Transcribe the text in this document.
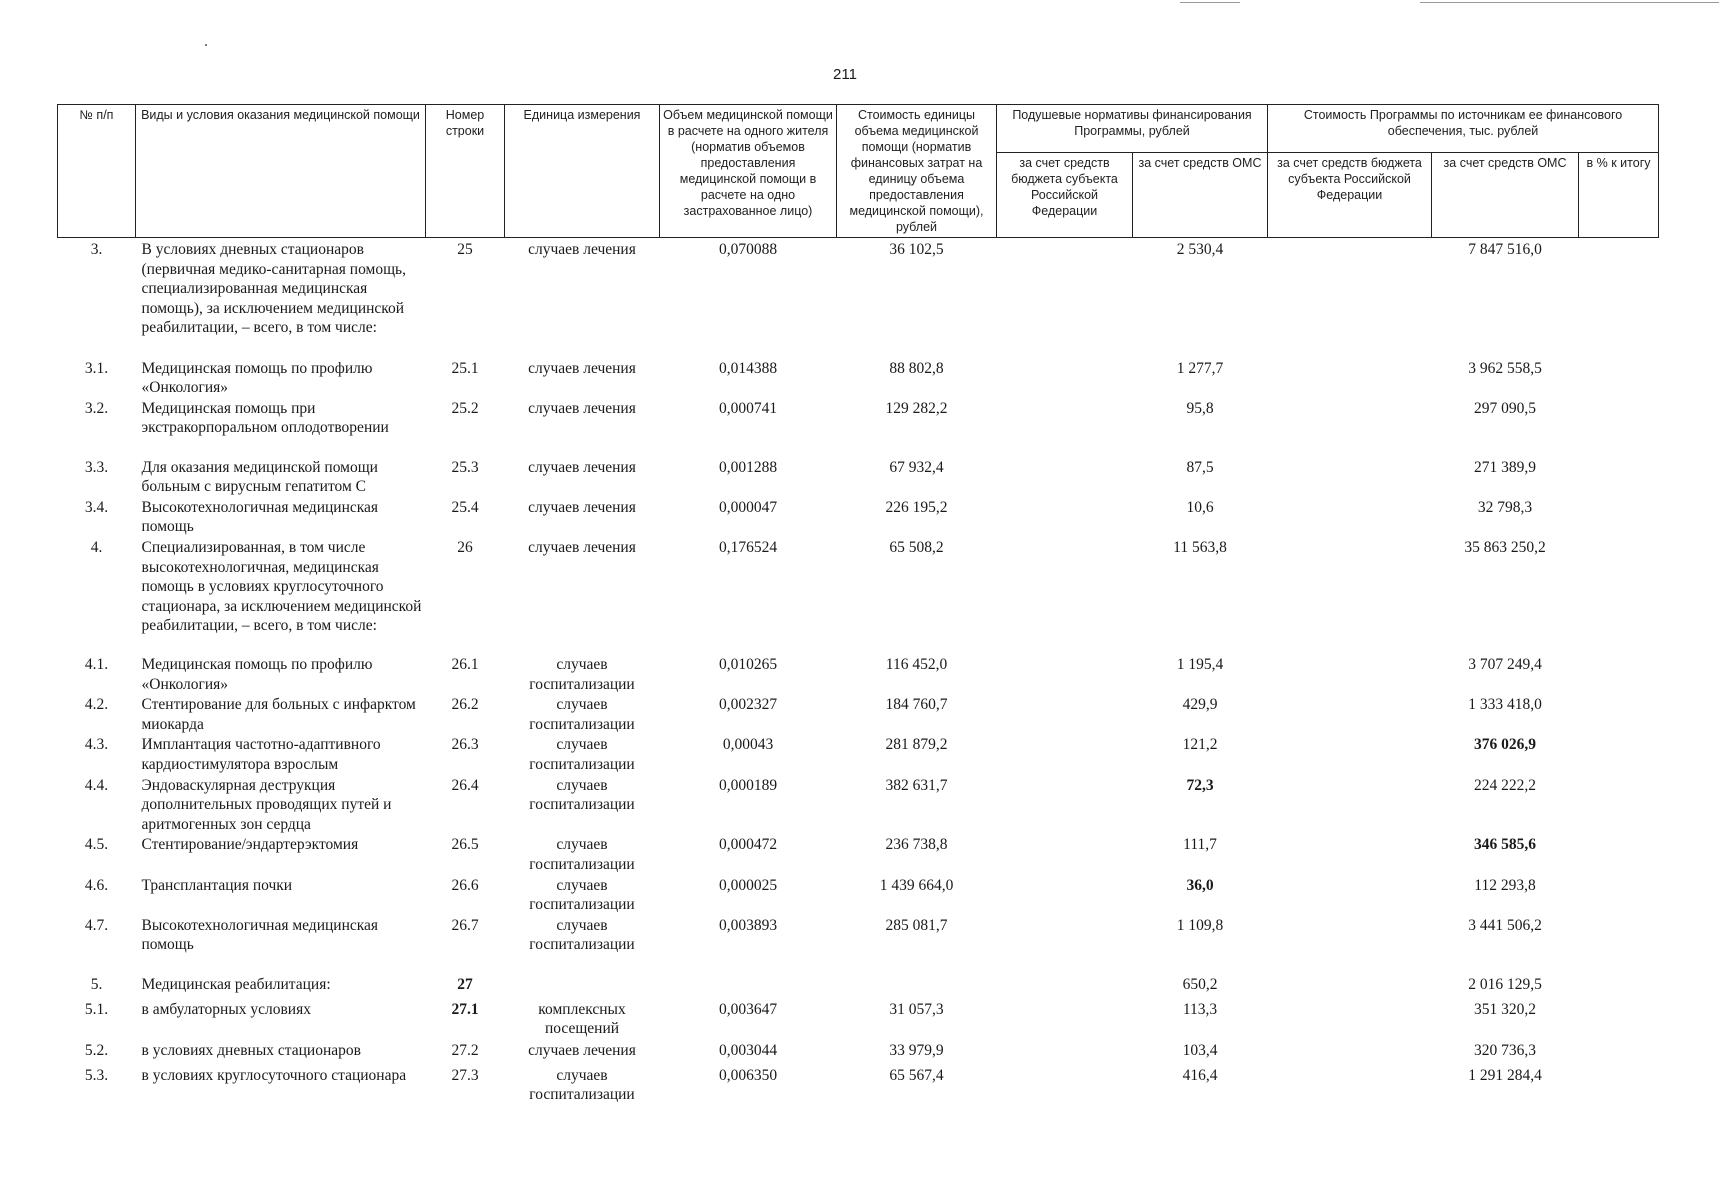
211
№ п/п	Виды и условия оказания медицинской помощи	Номер строки	Единица измерения	Объем медицинской помощи в расчете на одного жителя (норматив объемов предоставления медицинской помощи в расчете на одно застрахованное лицо)	Стоимость единицы объема медицинской помощи (норматив финансовых затрат на единицу объема предоставления медицинской помощи), рублей	Подушевые нормативы финансирования Программы, рублей		Стоимость Программы по источникам ее финансового обеспечения, тыс. рублей		
						за счет средств бюджета субъекта Российской Федерации	за счет средств ОМС	за счет средств бюджета субъекта Российской Федерации	за счет средств ОМС	в % к итогу
3.	В условиях дневных стационаров (первичная медико-санитарная помощь, специализированная медицинская помощь), за исключением медицинской реабилитации, – всего, в том числе:	25	случаев лечения	0,070088	36 102,5		2 530,4		7 847 516,0	
3.1.	Медицинская помощь по профилю «Онкология»	25.1	случаев лечения	0,014388	88 802,8		1 277,7		3 962 558,5	
3.2.	Медицинская помощь при экстракорпоральном оплодотворении	25.2	случаев лечения	0,000741	129 282,2		95,8		297 090,5	
3.3.	Для оказания медицинской помощи больным с вирусным гепатитом С	25.3	случаев лечения	0,001288	67 932,4		87,5		271 389,9	
3.4.	Высокотехнологичная медицинская помощь	25.4	случаев лечения	0,000047	226 195,2		10,6		32 798,3	
4.	Специализированная, в том числе высокотехнологичная, медицинская помощь в условиях круглосуточного стационара, за исключением медицинской реабилитации, – всего, в том числе:	26	случаев лечения	0,176524	65 508,2		11 563,8		35 863 250,2	
4.1.	Медицинская помощь по профилю «Онкология»	26.1	случаев госпитализации	0,010265	116 452,0		1 195,4		3 707 249,4	
4.2.	Стентирование для больных с инфарктом миокарда	26.2	случаев госпитализации	0,002327	184 760,7		429,9		1 333 418,0	
4.3.	Имплантация частотно-адаптивного кардиостимулятора взрослым	26.3	случаев госпитализации	0,00043	281 879,2		121,2		376 026,9	
4.4.	Эндоваскулярная деструкция дополнительных проводящих путей и аритмогенных зон сердца	26.4	случаев госпитализации	0,000189	382 631,7		72,3		224 222,2	
4.5.	Стентирование/эндартерэктомия	26.5	случаев госпитализации	0,000472	236 738,8		111,7		346 585,6	
4.6.	Трансплантация почки	26.6	случаев госпитализации	0,000025	1 439 664,0		36,0		112 293,8	
4.7.	Высокотехнологичная медицинская помощь	26.7	случаев госпитализации	0,003893	285 081,7		1 109,8		3 441 506,2	
5.	Медицинская реабилитация:	27					650,2		2 016 129,5	
5.1.	в амбулаторных условиях	27.1	комплексных посещений	0,003647	31 057,3		113,3		351 320,2	
5.2.	в условиях дневных стационаров	27.2	случаев лечения	0,003044	33 979,9		103,4		320 736,3	
5.3.	в условиях круглосуточного стационара	27.3	случаев госпитализации	0,006350	65 567,4		416,4		1 291 284,4	
